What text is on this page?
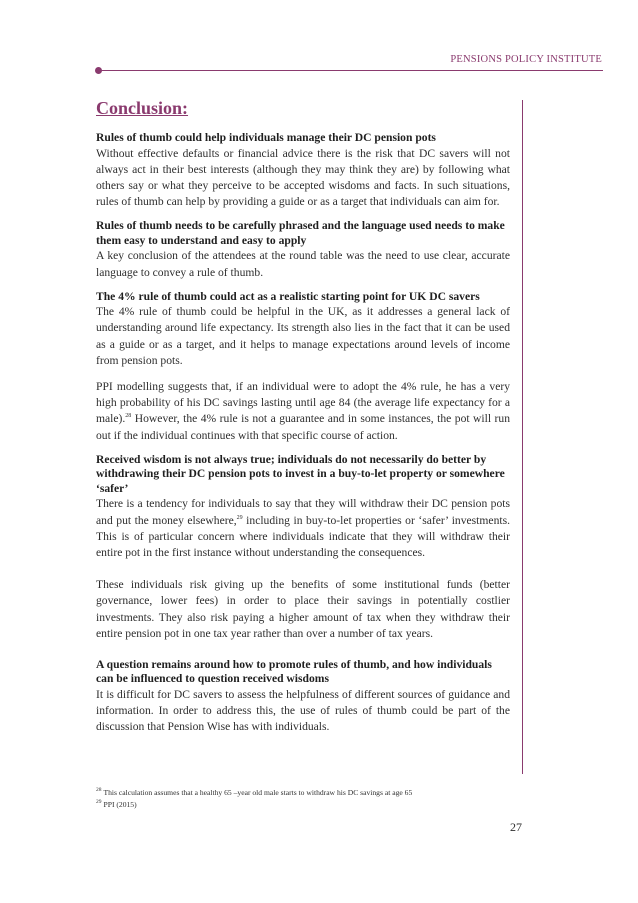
PENSIONS POLICY INSTITUTE
Conclusion:
Rules of thumb could help individuals manage their DC pension pots

Without effective defaults or financial advice there is the risk that DC savers will not always act in their best interests (although they may think they are) by following what others say or what they perceive to be accepted wisdoms and facts. In such situations, rules of thumb can help by providing a guide or as a target that individuals can aim for.

Rules of thumb needs to be carefully phrased and the language used needs to make them easy to understand and easy to apply

A key conclusion of the attendees at the round table was the need to use clear, accurate language to convey a rule of thumb.

The 4% rule of thumb could act as a realistic starting point for UK DC savers

The 4% rule of thumb could be helpful in the UK, as it addresses a general lack of understanding around life expectancy. Its strength also lies in the fact that it can be used as a guide or as a target, and it helps to manage expectations around levels of income from pension pots.

PPI modelling suggests that, if an individual were to adopt the 4% rule, he has a very high probability of his DC savings lasting until age 84 (the average life expectancy for a male).$^{28}$ However, the 4% rule is not a guarantee and in some instances, the pot will run out if the individual continues with that specific course of action.

Received wisdom is not always true; individuals do not necessarily do better by withdrawing their DC pension pots to invest in a buy-to-let property or somewhere ‘safer’

There is a tendency for individuals to say that they will withdraw their DC pension pots and put the money elsewhere,$^{29}$ including in buy-to-let properties or ‘safer’ investments. This is of particular concern where individuals indicate that they will withdraw their entire pot in the first instance without understanding the consequences.

These individuals risk giving up the benefits of some institutional funds (better governance, lower fees) in order to place their savings in potentially costlier investments. They also risk paying a higher amount of tax when they withdraw their entire pension pot in one tax year rather than over a number of tax years.

A question remains around how to promote rules of thumb, and how individuals can be influenced to question received wisdoms

It is difficult for DC savers to assess the helpfulness of different sources of guidance and information. In order to address this, the use of rules of thumb could be part of the discussion that Pension Wise has with individuals.

$^{28}$ This calculation assumes that a healthy 65 –year old male starts to withdraw his DC savings at age 65
$^{29}$ PPI (2015)
27
